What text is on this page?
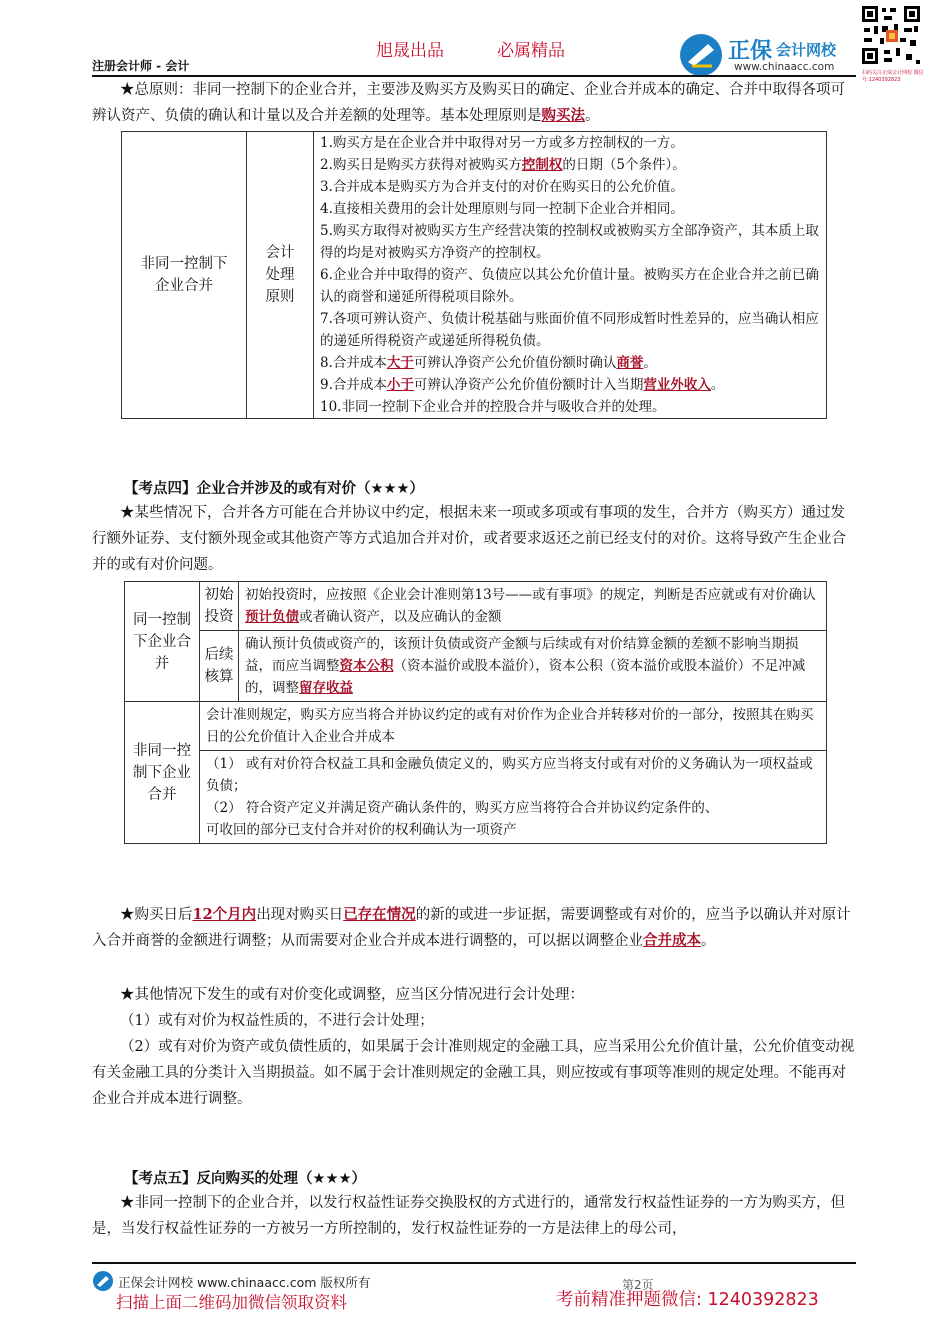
旭晟出品	必属精品
注册会计师 - 会计
正保 会计网校
www.chinaacc.com	扫码关注正保会计网校 微信号:1240392823
★总原则：非同一控制下的企业合并，主要涉及购买方及购买日的确定、企业合并成本的确定、合并中取得各项可辨认资产、负债的确认和计量以及合并差额的处理等。基本处理原则是购买法。
非同一控制下企业合并	会计处理原则	
1.购买方是在企业合并中取得对另一方或多方控制权的一方。
2.购买日是购买方获得对被购买方控制权的日期（5个条件）。
3.合并成本是购买方为合并支付的对价在购买日的公允价值。
4.直接相关费用的会计处理原则与同一控制下企业合并相同。
5.购买方取得对被购买方生产经营决策的控制权或被购买方全部净资产，其本质上取得的均是对被购买方净资产的控制权。
6.企业合并中取得的资产、负债应以其公允价值计量。被购买方在企业合并之前已确认的商誉和递延所得税项目除外。
7.各项可辨认资产、负债计税基础与账面价值不同形成暂时性差异的，应当确认相应的递延所得税资产或递延所得税负债。
8.合并成本大于可辨认净资产公允价值份额时确认商誉。
9.合并成本小于可辨认净资产公允价值份额时计入当期营业外收入。
10.非同一控制下企业合并的控股合并与吸收合并的处理。
【考点四】企业合并涉及的或有对价（★★★）
★某些情况下，合并各方可能在合并协议中约定，根据未来一项或多项或有事项的发生，合并方（购买方）通过发行额外证券、支付额外现金或其他资产等方式追加合并对价，或者要求返还之前已经支付的对价。这将导致产生企业合并的或有对价问题。
同一控制下企业合并	初始投资	初始投资时，应按照《企业会计准则第13号——或有事项》的规定，判断是否应就或有对价确认预计负债或者确认资产，以及应确认的金额
	后续核算	确认预计负债或资产的，该预计负债或资产金额与后续或有对价结算金额的差额不影响当期损益，而应当调整资本公积（资本溢价或股本溢价），资本公积（资本溢价或股本溢价）不足冲减的，调整留存收益
非同一控制下企业合并	会计准则规定，购买方应当将合并协议约定的或有对价作为企业合并转移对价的一部分，按照其在购买日的公允价值计入企业合并成本	

	（1） 或有对价符合权益工具和金融负债定义的，购买方应当将支付或有对价的义务确认为一项权益或负债；
（2） 符合资产定义并满足资产确认条件的，购买方应当将符合合并协议约定条件的、
可收回的部分已支付合并对价的权利确认为一项资产	
★购买日后12个月内出现对购买日已存在情况的新的或进一步证据，需要调整或有对价的，应当予以确认并对原计入合并商誉的金额进行调整；从而需要对企业合并成本进行调整的，可以据以调整企业合并成本。
★其他情况下发生的或有对价变化或调整，应当区分情况进行会计处理：
（1）或有对价为权益性质的，不进行会计处理；
（2）或有对价为资产或负债性质的，如果属于会计准则规定的金融工具，应当采用公允价值计量，公允价值变动视有关金融工具的分类计入当期损益。如不属于会计准则规定的金融工具，则应按或有事项等准则的规定处理。不能再对企业合并成本进行调整。
【考点五】反向购买的处理（★★★）
★非同一控制下的企业合并，以发行权益性证券交换股权的方式进行的，通常发行权益性证券的一方为购买方，但是，当发行权益性证券的一方被另一方所控制的，发行权益性证券的一方是法律上的母公司，
正保会计网校 www.chinaacc.com 版权所有	第2页
扫描上面二维码加微信领取资料	考前精准押题微信: 1240392823
